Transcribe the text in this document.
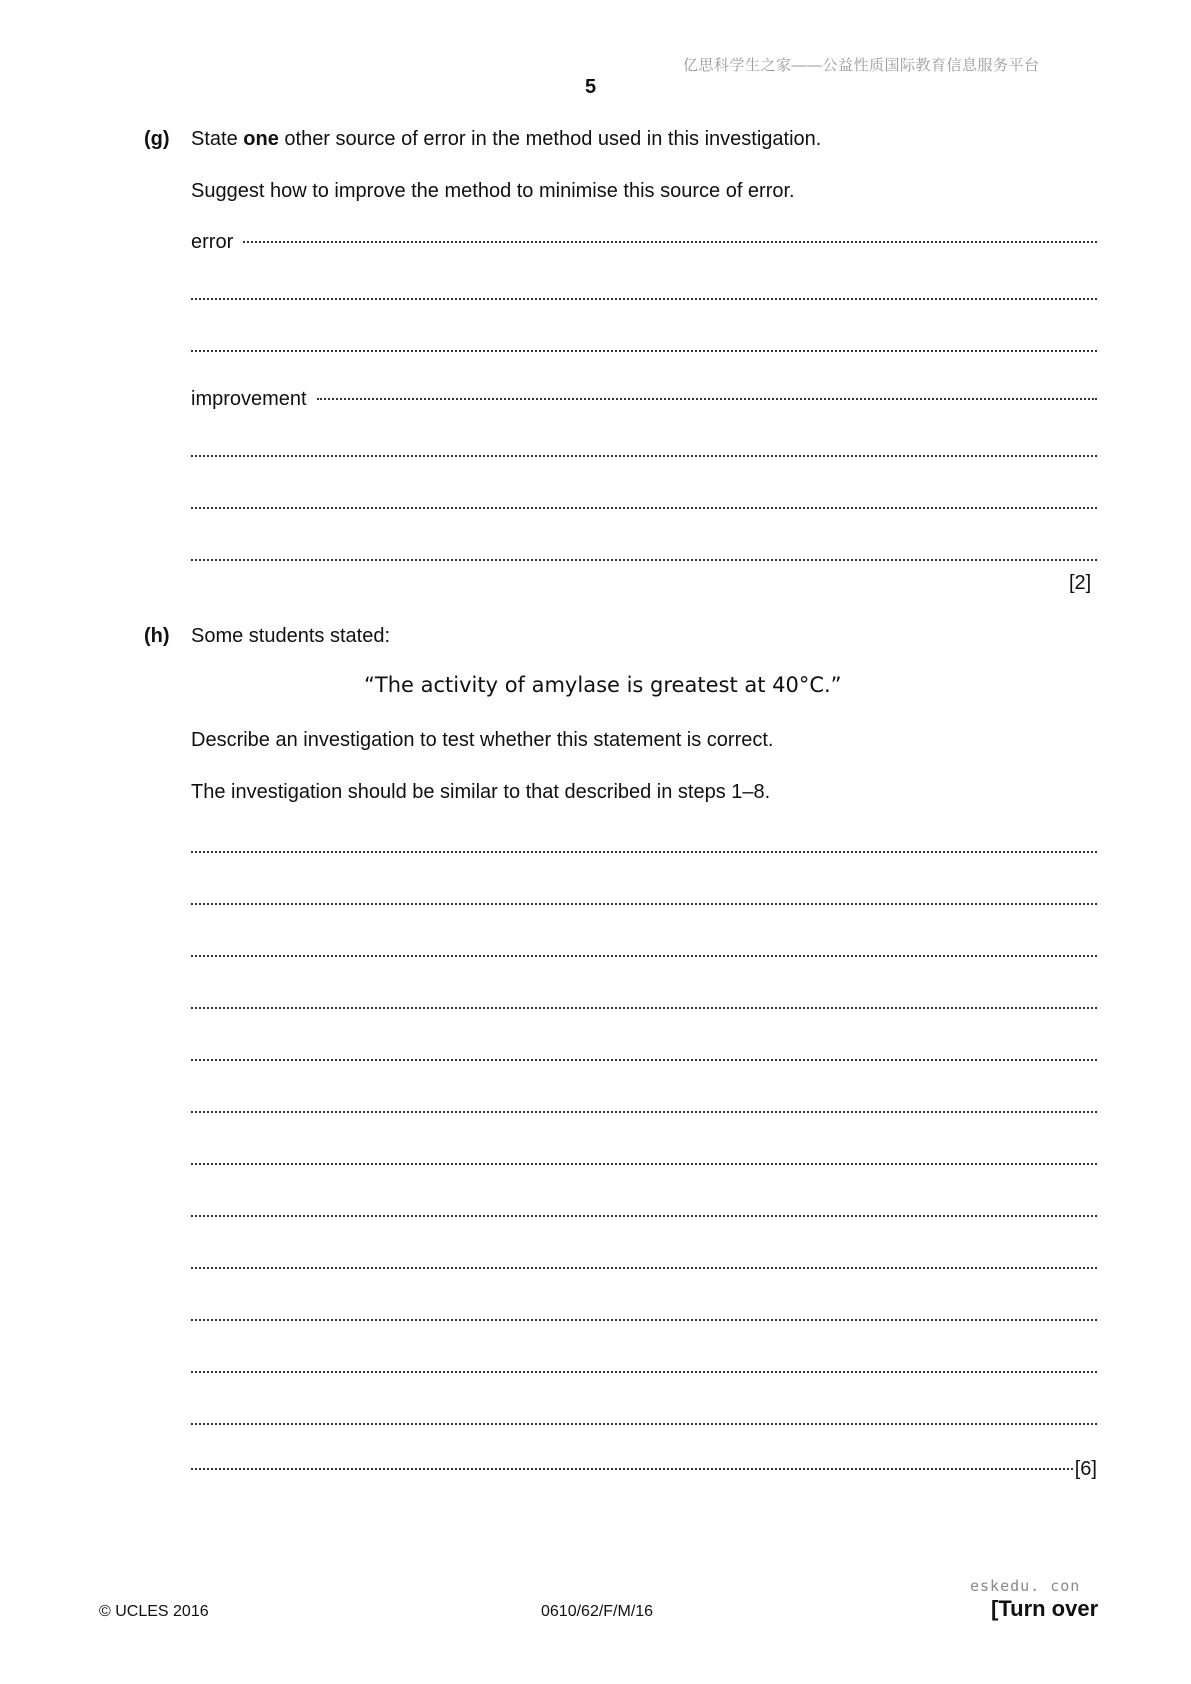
亿思科学生之家——公益性质国际教育信息服务平台
5
(g) State one other source of error in the method used in this investigation.
Suggest how to improve the method to minimise this source of error.
error
improvement
[2]
(h) Some students stated:
“The activity of amylase is greatest at 40°C.”
Describe an investigation to test whether this statement is correct.
The investigation should be similar to that described in steps 1–8.
[6]
eskedu. con
© UCLES 2016	0610/62/F/M/16	[Turn over
